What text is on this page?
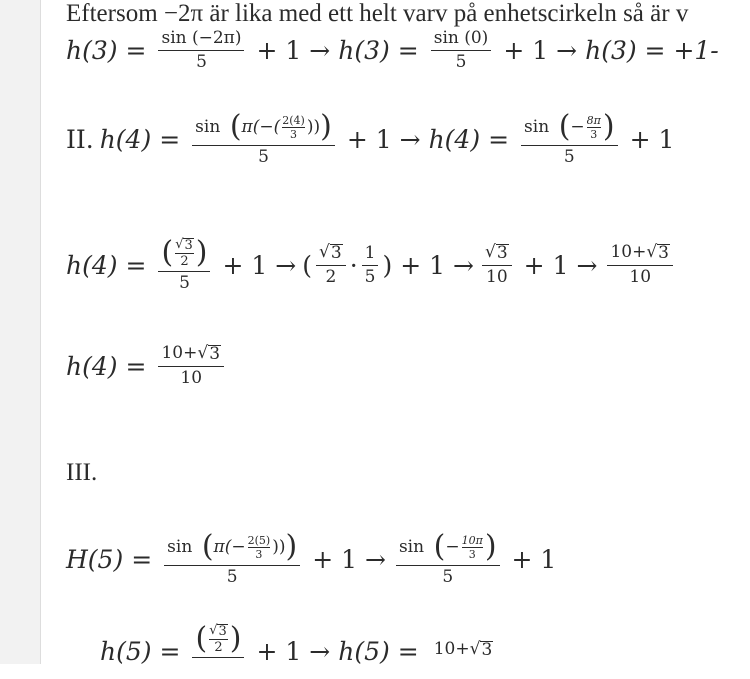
Eftersom −2π är lika med ett helt varv på enhetscirkeln så är v
$h(3) = \frac{\sin (-2\pi)}{5} + 1 \to h(3) = \frac{\sin (0)}{5} + 1 \to h(3) = +1-$
II. h(4) = sin ( $\pi(-( \frac{2(4)}{3}$ )) )
5
+ 1 → h(4) = sin ( − $\frac{8\pi}{3}$ )
5
+ 1
$h(4) = \frac{( \frac{√ 3}{2} )}{5} + 1$ → ( $\frac{√ 3}{2} \cdot \frac{1}{5}$ ) + $1 \to \frac{√ 3}{10} + 1 \to \frac{10+ √ 3}{10}$
$h(4) = \frac{10+ √ 3}{10}$
III.
H(5) = sin ( $\pi(- \frac{2(5)}{3}$ )) )
5
+ 1 → sin ( − $\frac{10\pi}{3}$ )
5
+ 1
h(5) = ( $\frac{√ 3}{2}$ )
+ 1 → h(5) = 10+ √ 3
